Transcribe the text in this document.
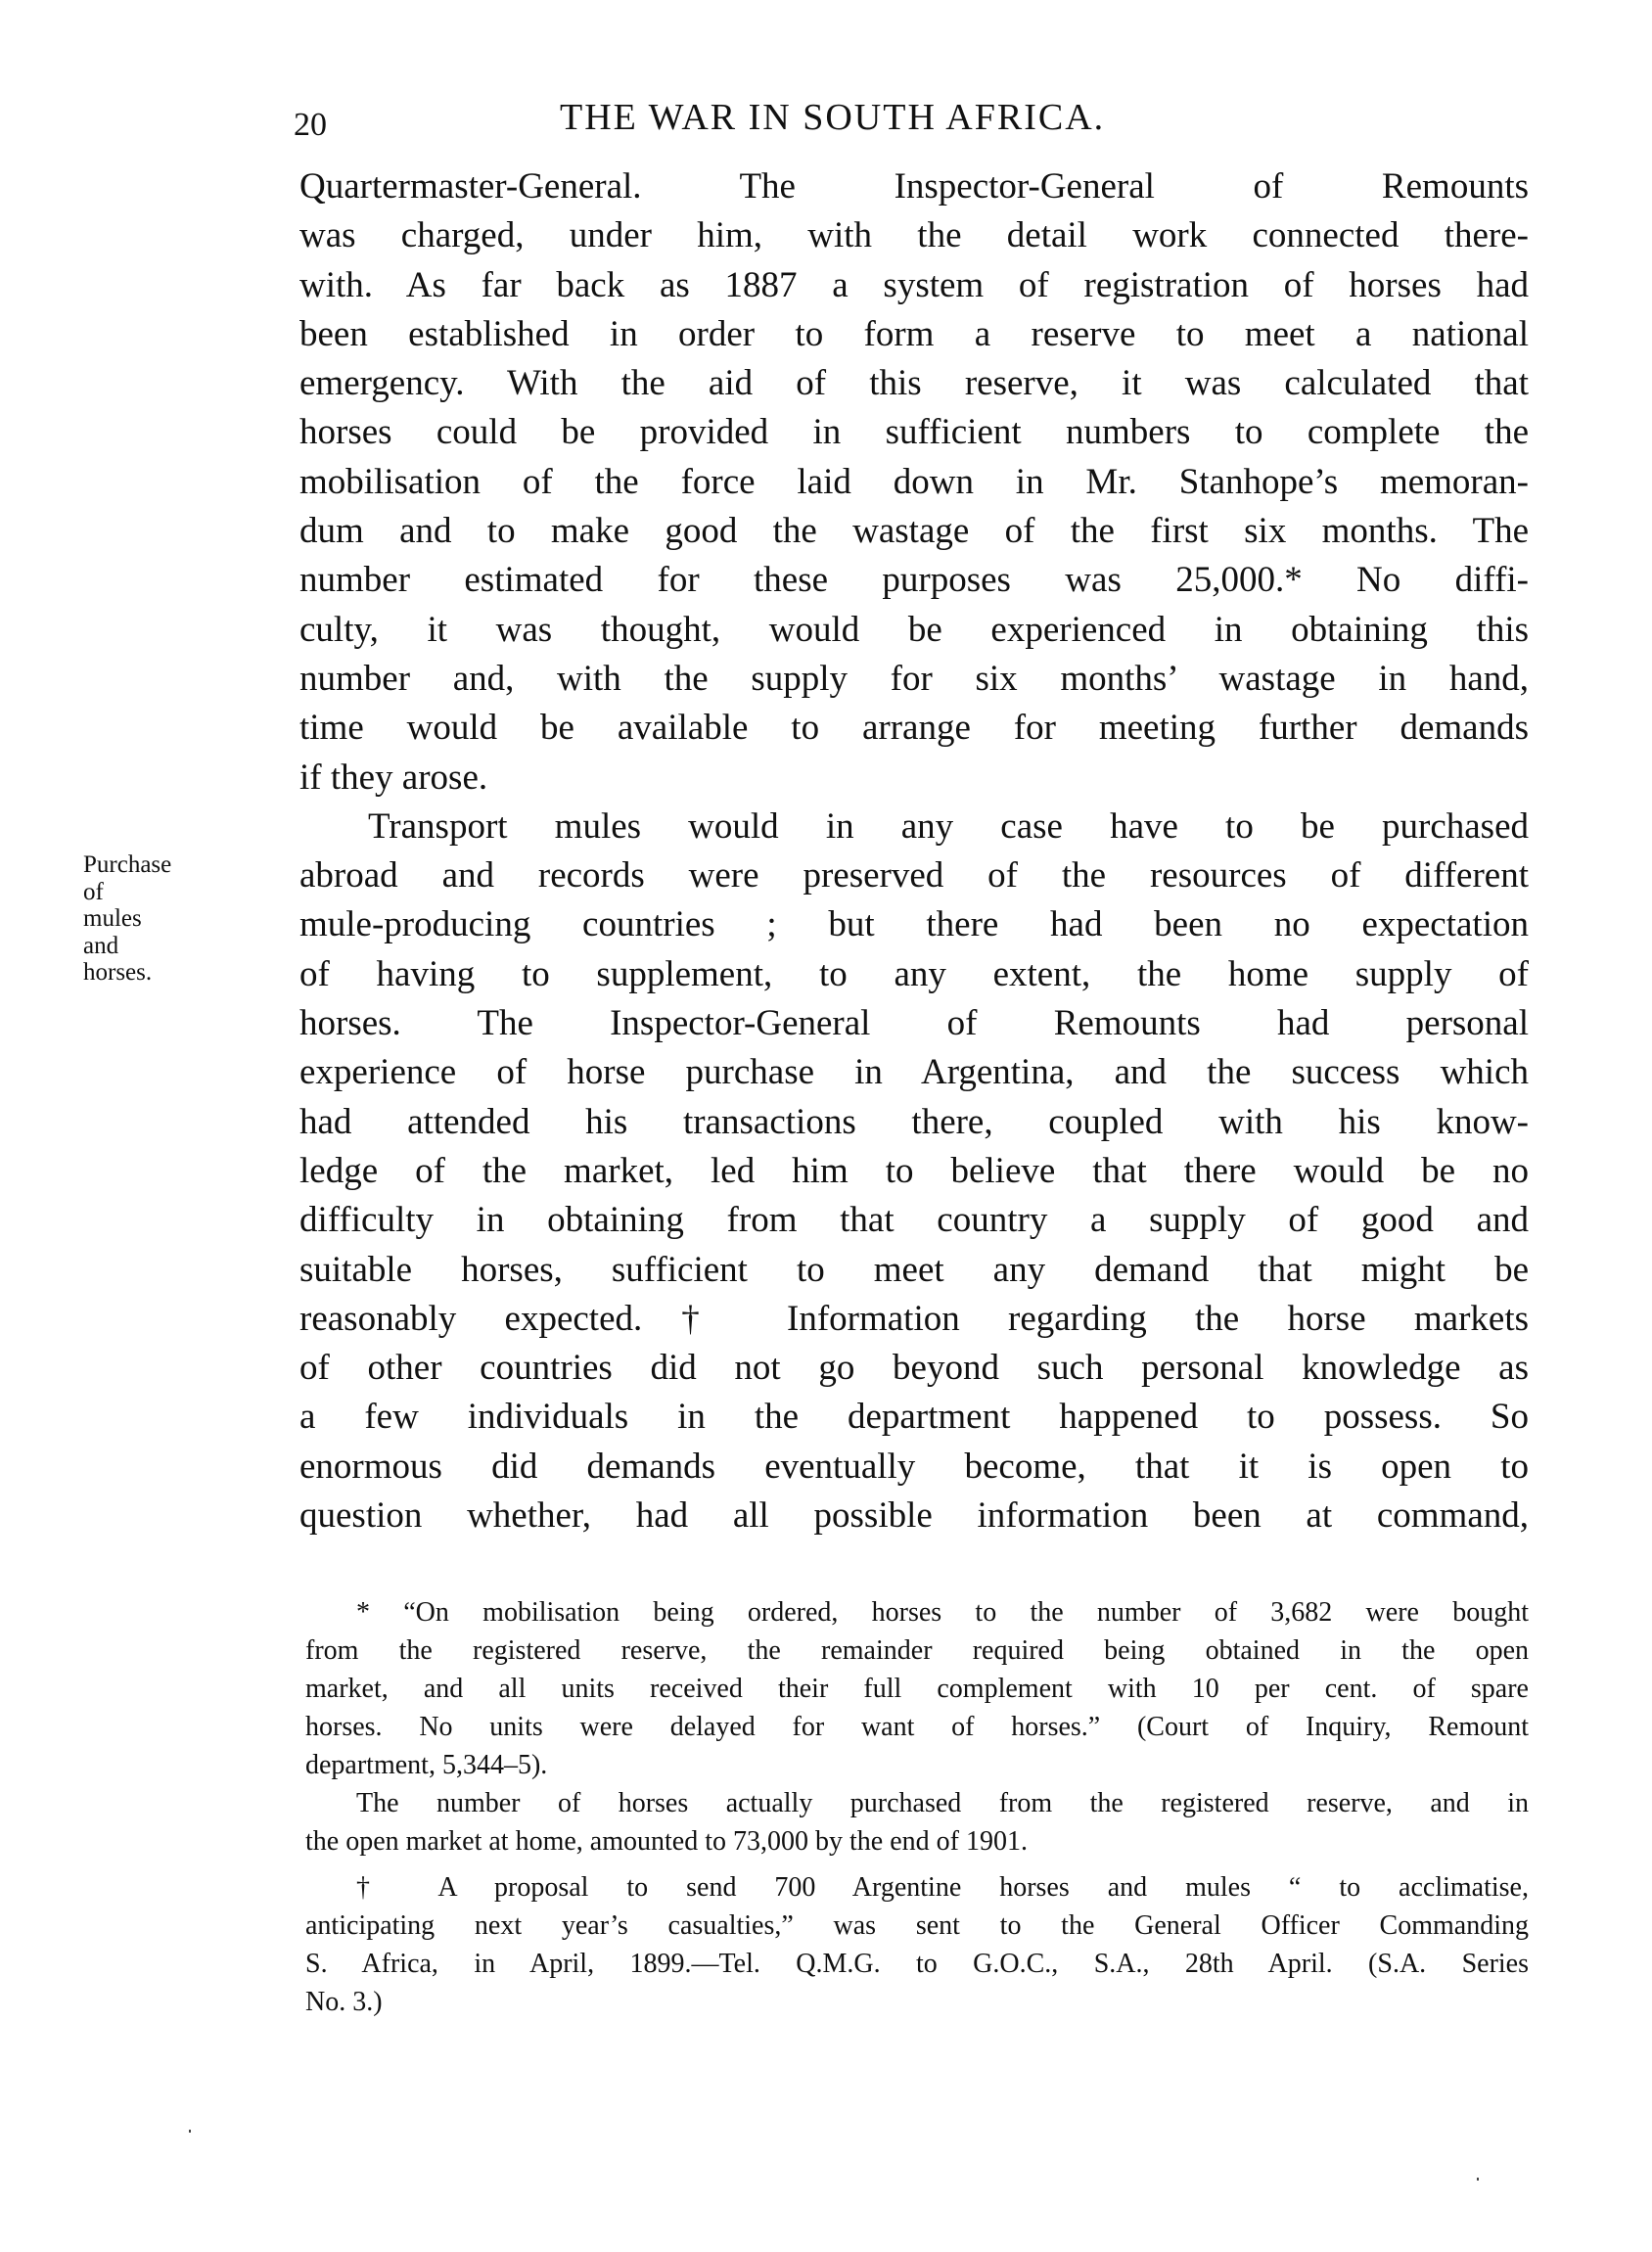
20	THE WAR IN SOUTH AFRICA.
Purchase
of
mules
and
horses.
Quartermaster-General. The Inspector-General of Remounts
was charged, under him, with the detail work connected there-
with. As far back as 1887 a system of registration of horses had
been established in order to form a reserve to meet a national
emergency. With the aid of this reserve, it was calculated that
horses could be provided in sufficient numbers to complete the
mobilisation of the force laid down in Mr. Stanhope’s memoran-
dum and to make good the wastage of the first six months. The
number estimated for these purposes was 25,000.* No diffi-
culty, it was thought, would be experienced in obtaining this
number and, with the supply for six months’ wastage in hand,
time would be available to arrange for meeting further demands
if they arose.
Transport mules would in any case have to be purchased
abroad and records were preserved of the resources of different
mule-producing countries ; but there had been no expectation
of having to supplement, to any extent, the home supply of
horses. The Inspector-General of Remounts had personal
experience of horse purchase in Argentina, and the success which
had attended his transactions there, coupled with his know-
ledge of the market, led him to believe that there would be no
difficulty in obtaining from that country a supply of good and
suitable horses, sufficient to meet any demand that might be
reasonably expected.† Information regarding the horse markets
of other countries did not go beyond such personal knowledge as
a few individuals in the department happened to possess. So
enormous did demands eventually become, that it is open to
question whether, had all possible information been at command,
* “On mobilisation being ordered, horses to the number of 3,682 were bought
from the registered reserve, the remainder required being obtained in the open
market, and all units received their full complement with 10 per cent. of spare
horses. No units were delayed for want of horses.” (Court of Inquiry, Remount
department, 5,344–5).
The number of horses actually purchased from the registered reserve, and in
the open market at home, amounted to 73,000 by the end of 1901.
† A proposal to send 700 Argentine horses and mules “ to acclimatise,
anticipating next year’s casualties,” was sent to the General Officer Commanding
S. Africa, in April, 1899.—Tel. Q.M.G. to G.O.C., S.A., 28th April. (S.A. Series
No. 3.)
